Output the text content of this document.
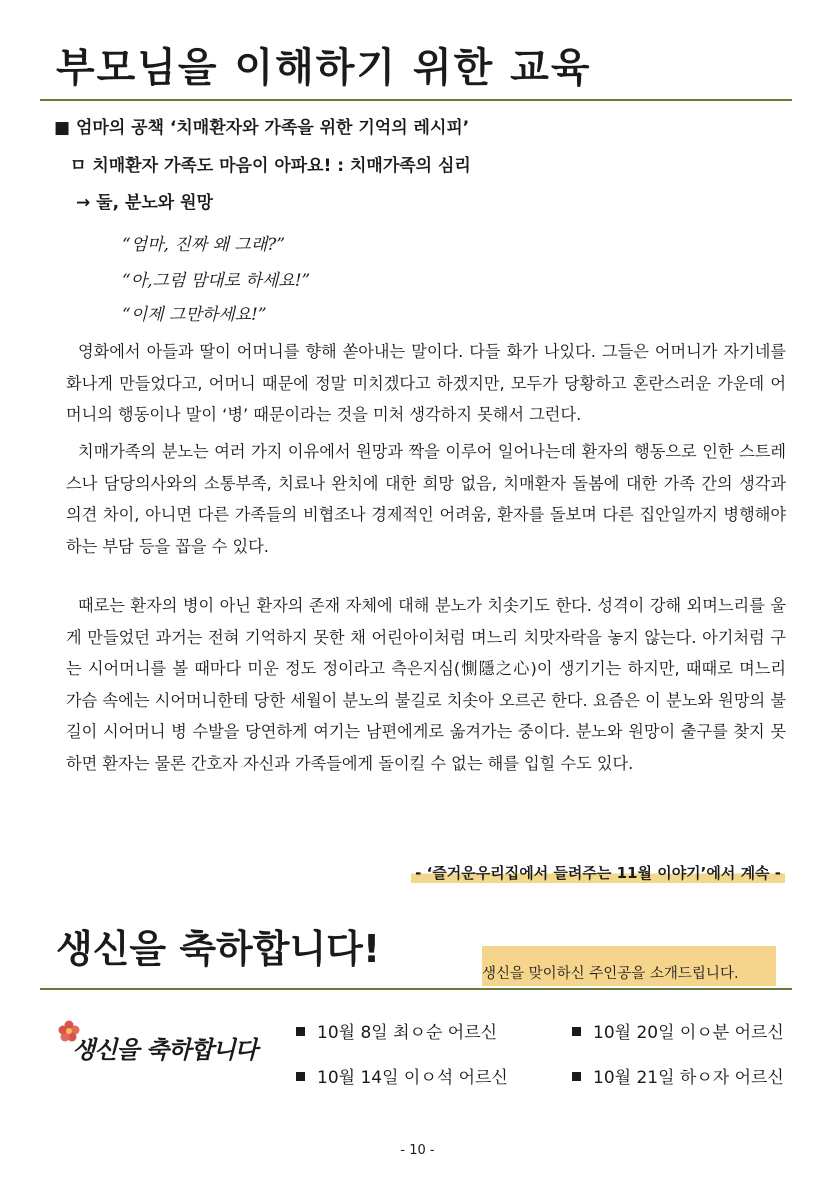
부모님을 이해하기 위한 교육
■ 엄마의 공책 ‘치매환자와 가족을 위한 기억의 레시피’
ㅁ 치매환자 가족도 마음이 아파요! : 치매가족의 심리
→ 둘, 분노와 원망
“엄마, 진짜 왜 그래?”
“아,그럼 맘대로 하세요!”
“이제 그만하세요!”

영화에서 아들과 딸이 어머니를 향해 쏟아내는 말이다. 다들 화가 나있다. 그들은 어머니가 자기네를 화나게 만들었다고, 어머니 때문에 정말 미치겠다고 하겠지만, 모두가 당황하고 혼란스러운 가운데 어머니의 행동이나 말이 ‘병’ 때문이라는 것을 미처 생각하지 못해서 그런다.

치매가족의 분노는 여러 가지 이유에서 원망과 짝을 이루어 일어나는데 환자의 행동으로 인한 스트레스나 담당의사와의 소통부족, 치료나 완치에 대한 희망 없음, 치매환자 돌봄에 대한 가족 간의 생각과 의견 차이, 아니면 다른 가족들의 비협조나 경제적인 어려움, 환자를 돌보며 다른 집안일까지 병행해야 하는 부담 등을 꼽을 수 있다.

때로는 환자의 병이 아닌 환자의 존재 자체에 대해 분노가 치솟기도 한다. 성격이 강해 외며느리를 울게 만들었던 과거는 전혀 기억하지 못한 채 어린아이처럼 며느리 치맛자락을 놓지 않는다. 아기처럼 구는 시어머니를 볼 때마다 미운 정도 정이라고 측은지심(惻隱之心)이 생기기는 하지만, 때때로 며느리 가슴 속에는 시어머니한테 당한 세월이 분노의 불길로 치솟아 오르곤 한다. 요즘은 이 분노와 원망의 불길이 시어머니 병 수발을 당연하게 여기는 남편에게로 옮겨가는 중이다. 분노와 원망이 출구를 찾지 못하면 환자는 물론 간호자 자신과 가족들에게 돌이킬 수 없는 해를 입힐 수도 있다.

- ‘즐거운우리집에서 들려주는 11월 이야기’에서 계속 -
생신을 축하합니다!
생신을 맞이하신 주인공을 소개드립니다.
생신을 축하합니다
10월 8일 최ㅇ순 어르신	10월 20일 이ㅇ분 어르신
10월 14일 이ㅇ석 어르신	10월 21일 하ㅇ자 어르신
- 10 -
